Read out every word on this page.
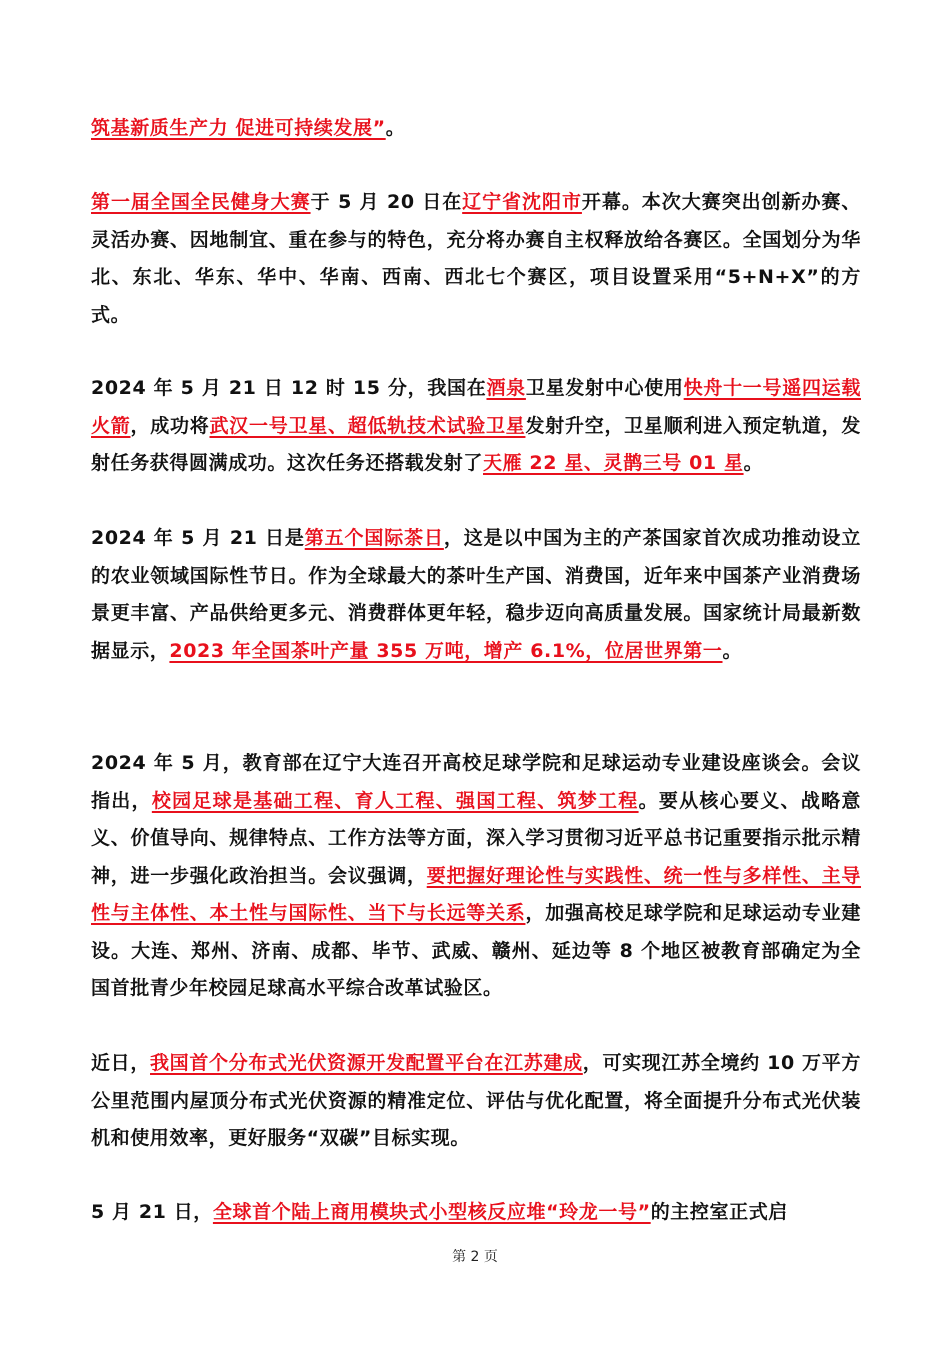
筑基新质生产力 促进可持续发展”。

第一届全国全民健身大赛于 5 月 20 日在辽宁省沈阳市开幕。本次大赛突出创新办赛、灵活办赛、因地制宜、重在参与的特色，充分将办赛自主权释放给各赛区。全国划分为华北、东北、华东、华中、华南、西南、西北七个赛区，项目设置采用“5+N+X”的方式。

2024 年 5 月 21 日 12 时 15 分，我国在酒泉卫星发射中心使用快舟十一号遥四运载火箭，成功将武汉一号卫星、超低轨技术试验卫星发射升空，卫星顺利进入预定轨道，发射任务获得圆满成功。这次任务还搭载发射了天雁 22 星、灵鹊三号 01 星。

2024 年 5 月 21 日是第五个国际茶日，这是以中国为主的产茶国家首次成功推动设立的农业领域国际性节日。作为全球最大的茶叶生产国、消费国，近年来中国茶产业消费场景更丰富、产品供给更多元、消费群体更年轻，稳步迈向高质量发展。国家统计局最新数据显示，2023 年全国茶叶产量 355 万吨，增产 6.1%，位居世界第一。

2024 年 5 月，教育部在辽宁大连召开高校足球学院和足球运动专业建设座谈会。会议指出，校园足球是基础工程、育人工程、强国工程、筑梦工程。要从核心要义、战略意义、价值导向、规律特点、工作方法等方面，深入学习贯彻习近平总书记重要指示批示精神，进一步强化政治担当。会议强调，要把握好理论性与实践性、统一性与多样性、主导性与主体性、本土性与国际性、当下与长远等关系，加强高校足球学院和足球运动专业建设。大连、郑州、济南、成都、毕节、武威、赣州、延边等 8 个地区被教育部确定为全国首批青少年校园足球高水平综合改革试验区。

近日，我国首个分布式光伏资源开发配置平台在江苏建成，可实现江苏全境约 10 万平方公里范围内屋顶分布式光伏资源的精准定位、评估与优化配置，将全面提升分布式光伏装机和使用效率，更好服务“双碳”目标实现。

5 月 21 日，全球首个陆上商用模块式小型核反应堆“玲龙一号”的主控室正式启

第 2 页
